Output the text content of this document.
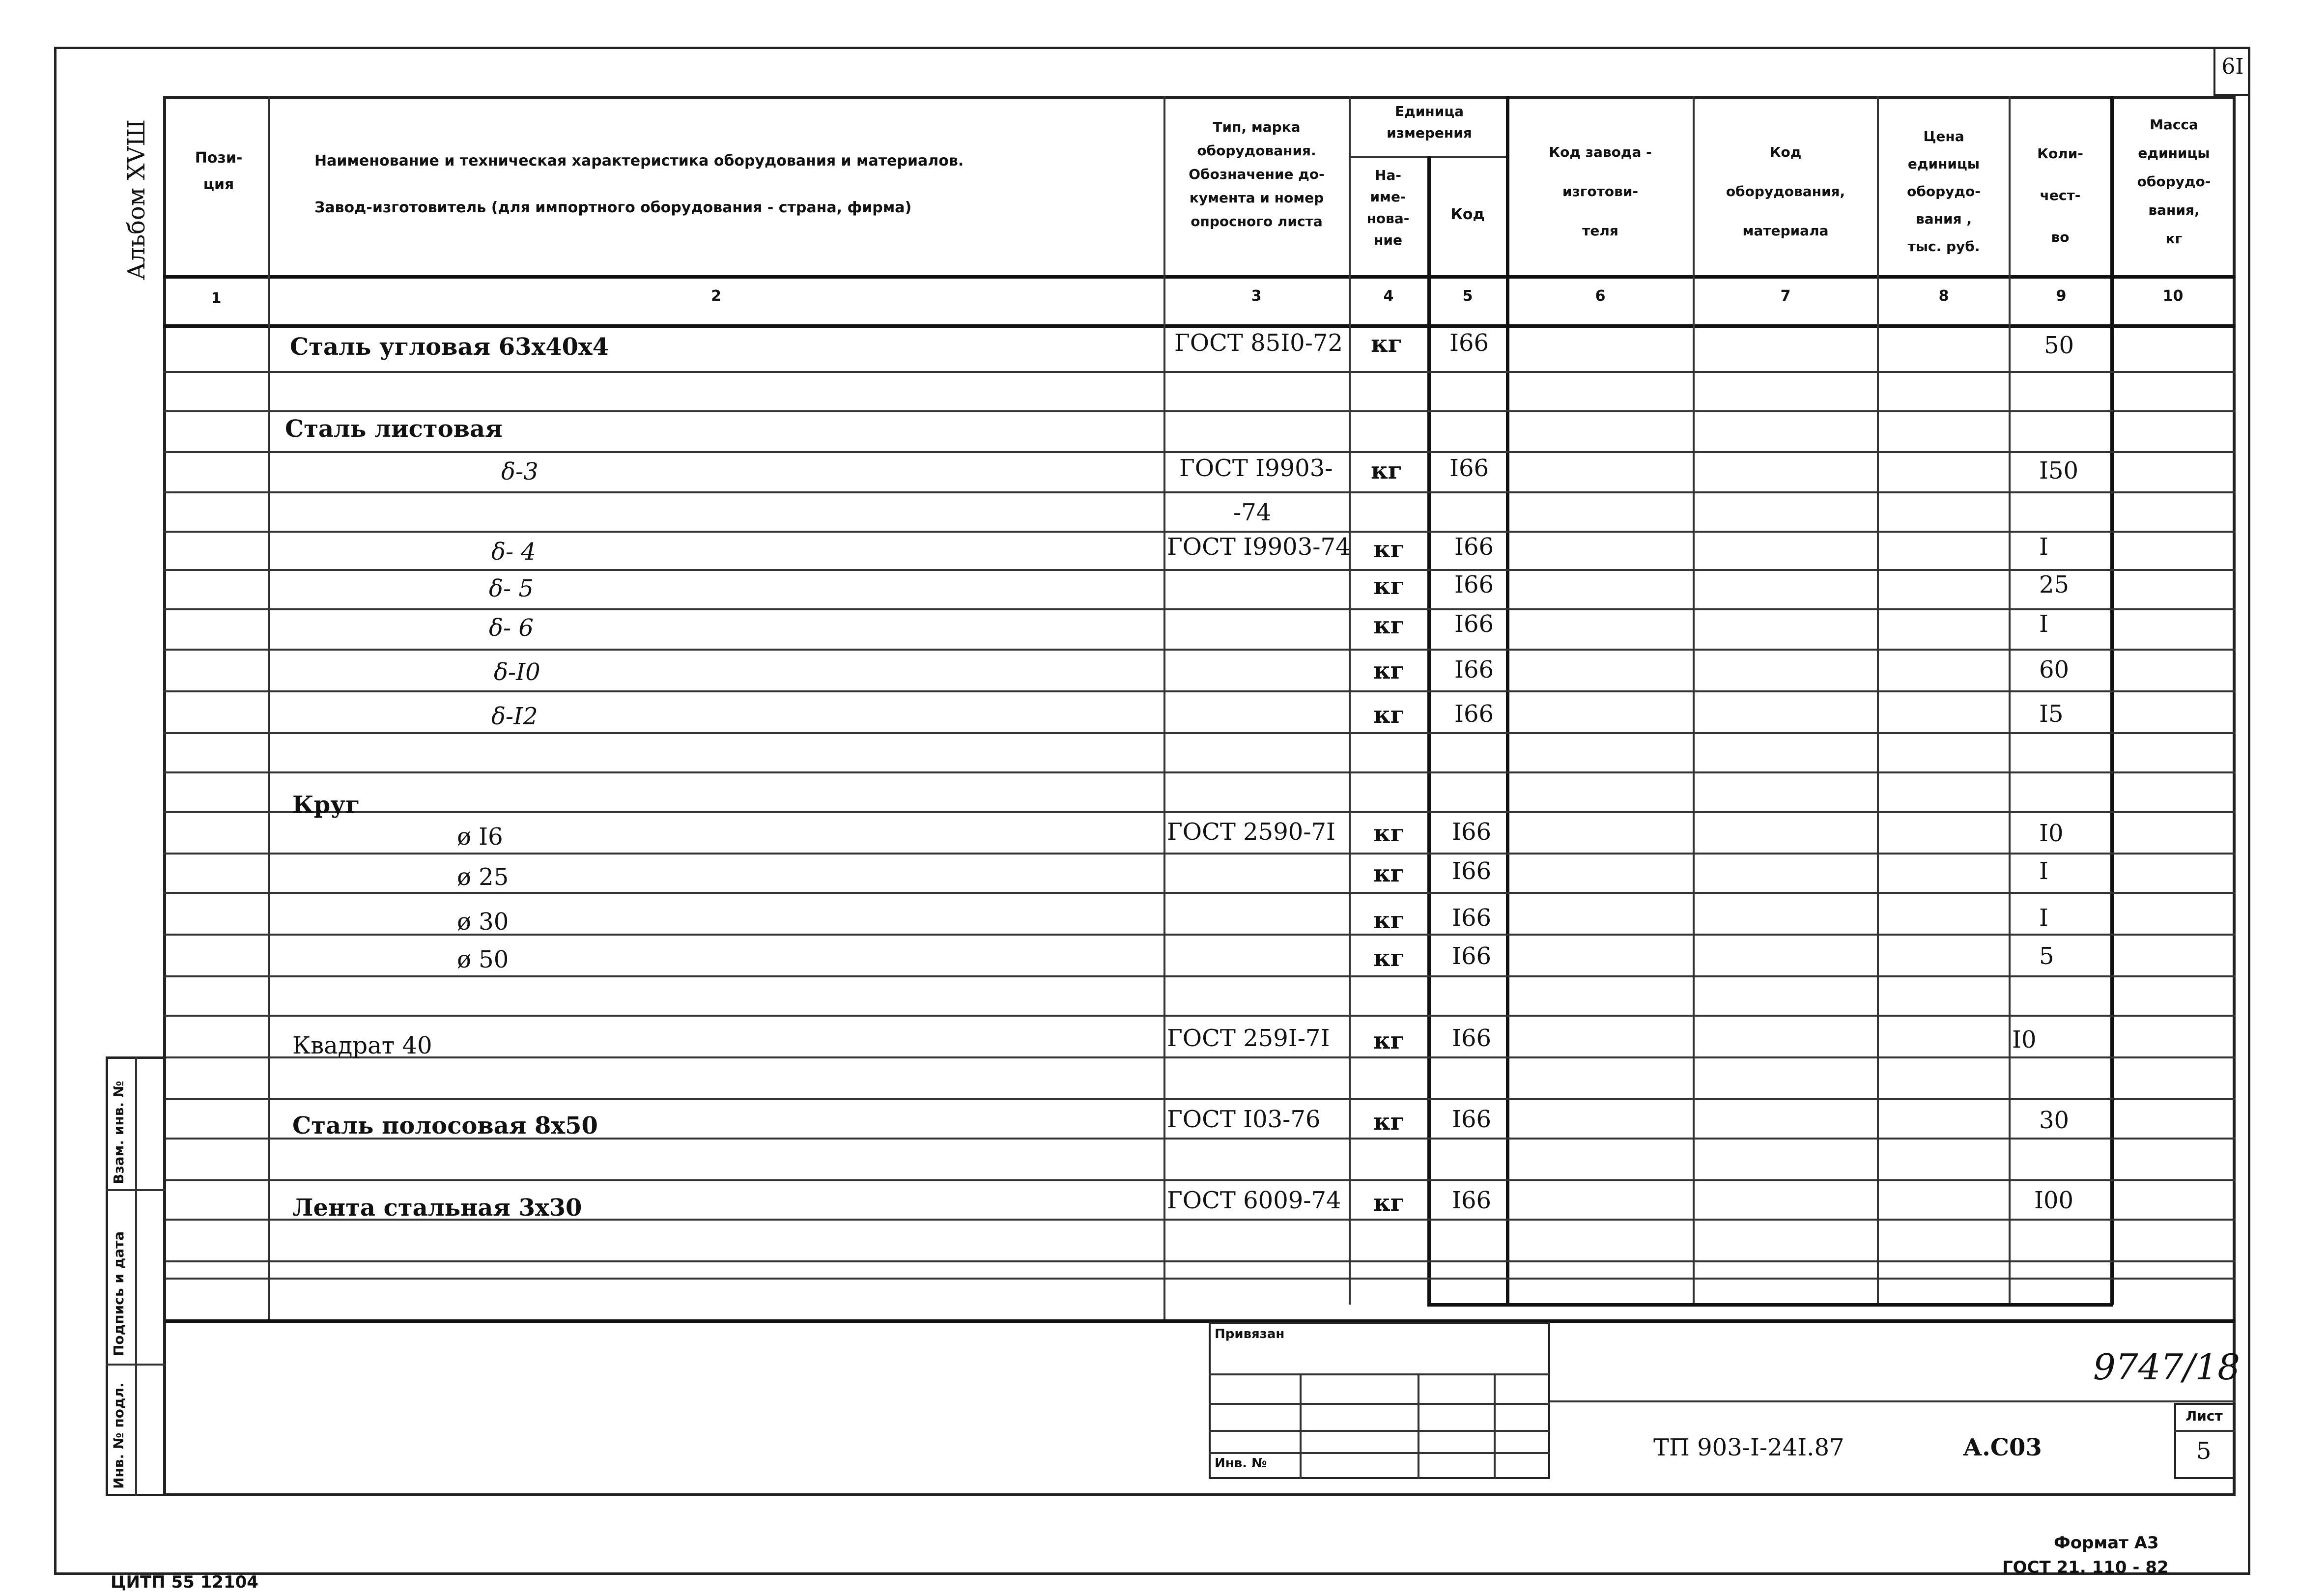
6I
Альбом XVШ	Пози-
ция
Наименование и техническая характеристика оборудования и материалов.
Завод-изготовитель (для импортного оборудования - страна, фирма)
Тип, марка
оборудования.
Обозначение до-
кумента и номер
опросного листа
Единица
измерения
На-
име-
нова-
ние
Код
Код завода -
изготови-
теля
Код
оборудования,
материала
Цена
единицы
оборудо-
вания ,
тыс. руб.
Коли-
чест-
во
Масса
единицы
оборудо-
вания,
кг
1	2	3	4	5	6	7	8	9	10
Сталь угловая 63х40х4	ГОСТ 85I0-72 кг I66	50
Сталь листовая
δ-3	ГОСТ I9903- кг I66	I50
-74
δ- 4	ГОСТ I9903-74 кг I66	I
δ- 5	кг I66	25
δ- 6	кг I66	I
δ-I0	кг I66	60
δ-I2	кг I66	I5
Круг
ø I6	ГОСТ 2590-7I кг I66	I0
ø 25	кг I66	I
ø 30	кг I66	I
ø 50	кг I66	5
Квадрат 40	ГОСТ 259I-7I кг I66	I0
Сталь полосовая 8х50	ГОСТ I03-76 кг I66	30
Лента стальная 3х30	ГОСТ 6009-74 кг I66	I00
Взам. инв. №
Подпись и дата
Инв. № подл.
Привязан
Инв. №
9747/18
ТП 903-I-24I.87	А.С03
Лист
5
Формат А3
ГОСТ 21. 110 - 82
ЦИТП 55 12104
